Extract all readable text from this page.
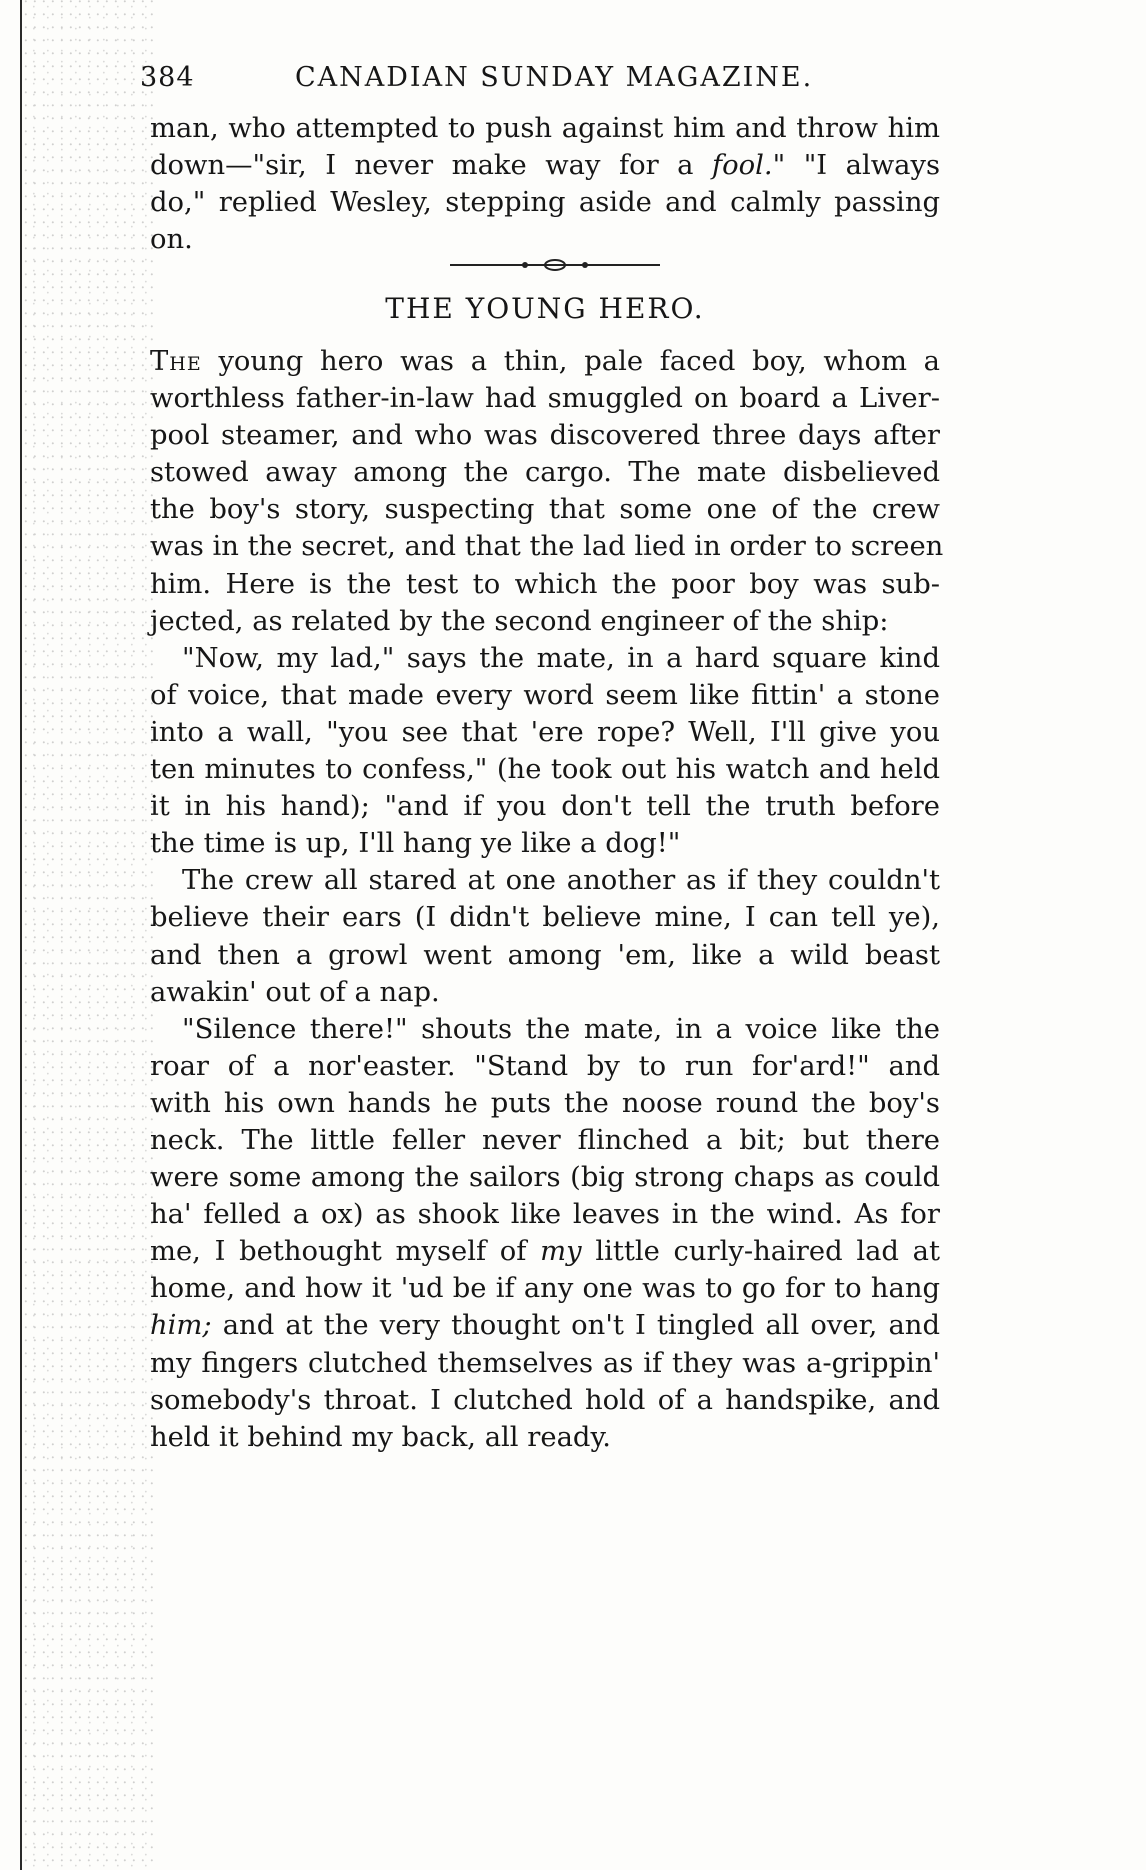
384	CANADIAN SUNDAY MAGAZINE.
man, who attempted to push against him and throw him
down—"sir, I never make way for a fool." "I always
do," replied Wesley, stepping aside and calmly passing
on.
THE YOUNG HERO.
The young hero was a thin, pale faced boy, whom a
worthless father-in-law had smuggled on board a Liver-
pool steamer, and who was discovered three days after
stowed away among the cargo. The mate disbelieved
the boy's story, suspecting that some one of the crew
was in the secret, and that the lad lied in order to screen
him. Here is the test to which the poor boy was sub-
jected, as related by the second engineer of the ship:
"Now, my lad," says the mate, in a hard square kind
of voice, that made every word seem like fittin' a stone
into a wall, "you see that 'ere rope? Well, I'll give you
ten minutes to confess," (he took out his watch and held
it in his hand); "and if you don't tell the truth before
the time is up, I'll hang ye like a dog!"
The crew all stared at one another as if they couldn't
believe their ears (I didn't believe mine, I can tell ye),
and then a growl went among 'em, like a wild beast
awakin' out of a nap.
"Silence there!" shouts the mate, in a voice like the
roar of a nor'easter. "Stand by to run for'ard!" and
with his own hands he puts the noose round the boy's
neck. The little feller never flinched a bit; but there
were some among the sailors (big strong chaps as could
ha' felled a ox) as shook like leaves in the wind. As for
me, I bethought myself of my little curly-haired lad at
home, and how it 'ud be if any one was to go for to hang
him; and at the very thought on't I tingled all over, and
my fingers clutched themselves as if they was a-grippin'
somebody's throat. I clutched hold of a handspike, and
held it behind my back, all ready.
